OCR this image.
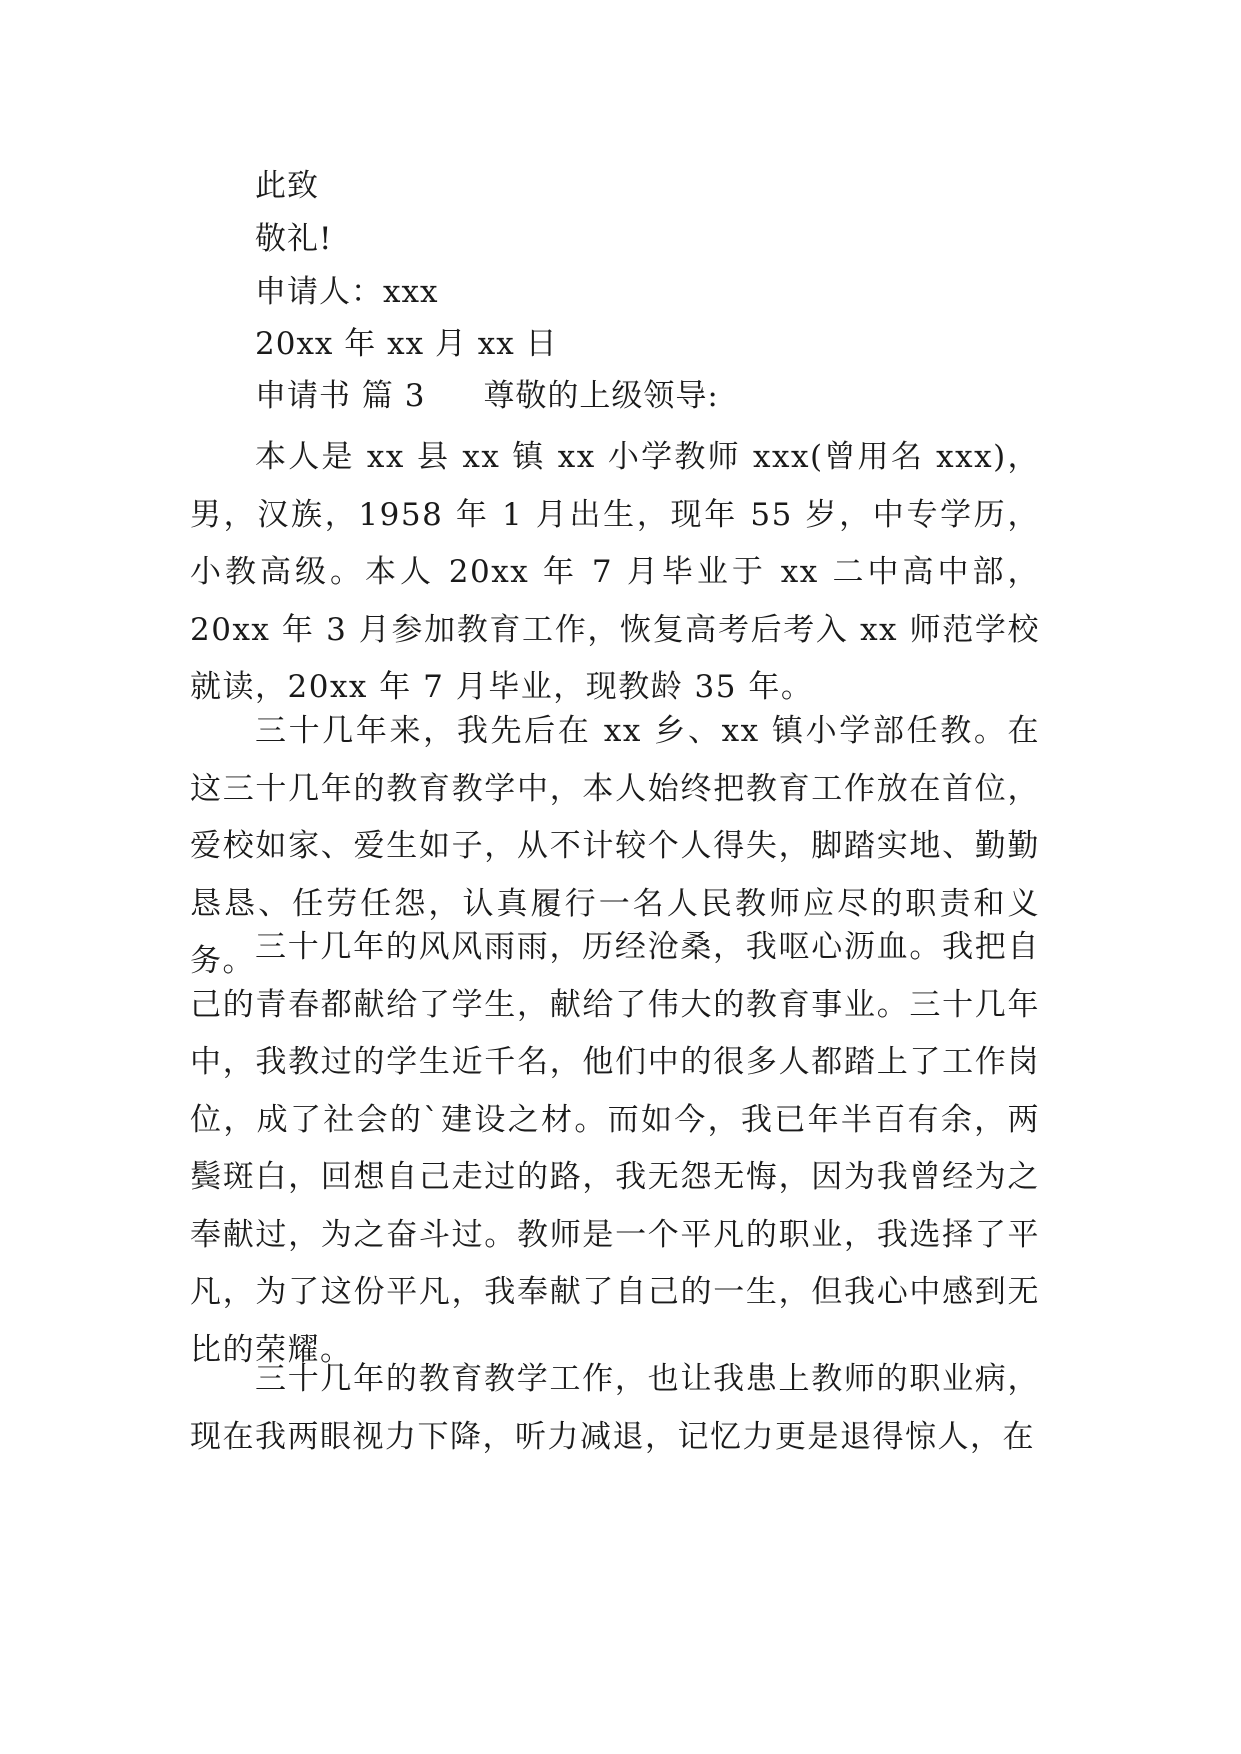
此致
敬礼!
申请人：xxx
20xx 年 xx 月 xx 日
申请书 篇 3 尊敬的上级领导:

本人是 xx 县 xx 镇 xx 小学教师 xxx(曾用名 xxx)，男，汉族，1958 年 1 月出生，现年 55 岁，中专学历，小教高级。本人 20xx 年 7 月毕业于 xx 二中高中部，20xx 年 3 月参加教育工作，恢复高考后考入 xx 师范学校就读，20xx 年 7 月毕业，现教龄 35 年。

三十几年来，我先后在 xx 乡、xx 镇小学部任教。在这三十几年的教育教学中，本人始终把教育工作放在首位，爱校如家、爱生如子，从不计较个人得失，脚踏实地、勤勤恳恳、任劳任怨，认真履行一名人民教师应尽的职责和义务。 三十几年的风风雨雨，历经沧桑，我呕心沥血。我把自己的青春都献给了学生，献给了伟大的教育事业。三十几年中，我教过的学生近千名，他们中的很多人都踏上了工作岗位，成了社会的`建设之材。而如今，我已年半百有余，两鬓斑白，回想自己走过的路，我无怨无悔，因为我曾经为之奉献过，为之奋斗过。教师是一个平凡的职业，我选择了平凡，为了这份平凡，我奉献了自己的一生，但我心中感到无比的荣耀。

三十几年的教育教学工作，也让我患上教师的职业病，现在我两眼视力下降，听力减退，记忆力更是退得惊人，在
